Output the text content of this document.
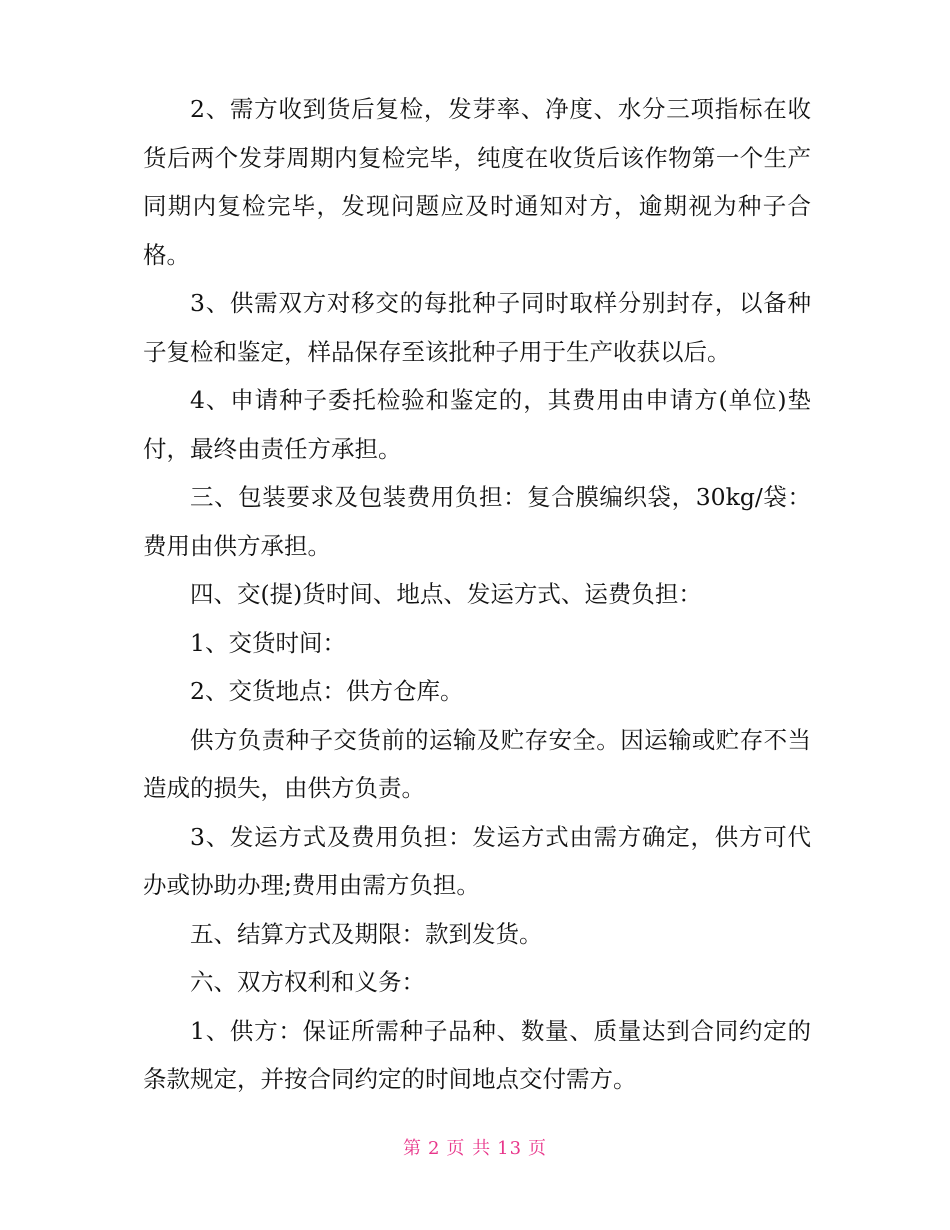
2、需方收到货后复检，发芽率、净度、水分三项指标在收货后两个发芽周期内复检完毕，纯度在收货后该作物第一个生产同期内复检完毕，发现问题应及时通知对方，逾期视为种子合格。

3、供需双方对移交的每批种子同时取样分别封存，以备种子复检和鉴定，样品保存至该批种子用于生产收获以后。

4、申请种子委托检验和鉴定的，其费用由申请方(单位)垫付，最终由责任方承担。

三、包装要求及包装费用负担：复合膜编织袋，30kg/袋：费用由供方承担。

四、交(提)货时间、地点、发运方式、运费负担：

1、交货时间：

2、交货地点：供方仓库。

供方负责种子交货前的运输及贮存安全。因运输或贮存不当造成的损失，由供方负责。

3、发运方式及费用负担：发运方式由需方确定，供方可代办或协助办理;费用由需方负担。

五、结算方式及期限：款到发货。

六、双方权利和义务：

1、供方：保证所需种子品种、数量、质量达到合同约定的条款规定，并按合同约定的时间地点交付需方。

第 2 页 共 13 页
